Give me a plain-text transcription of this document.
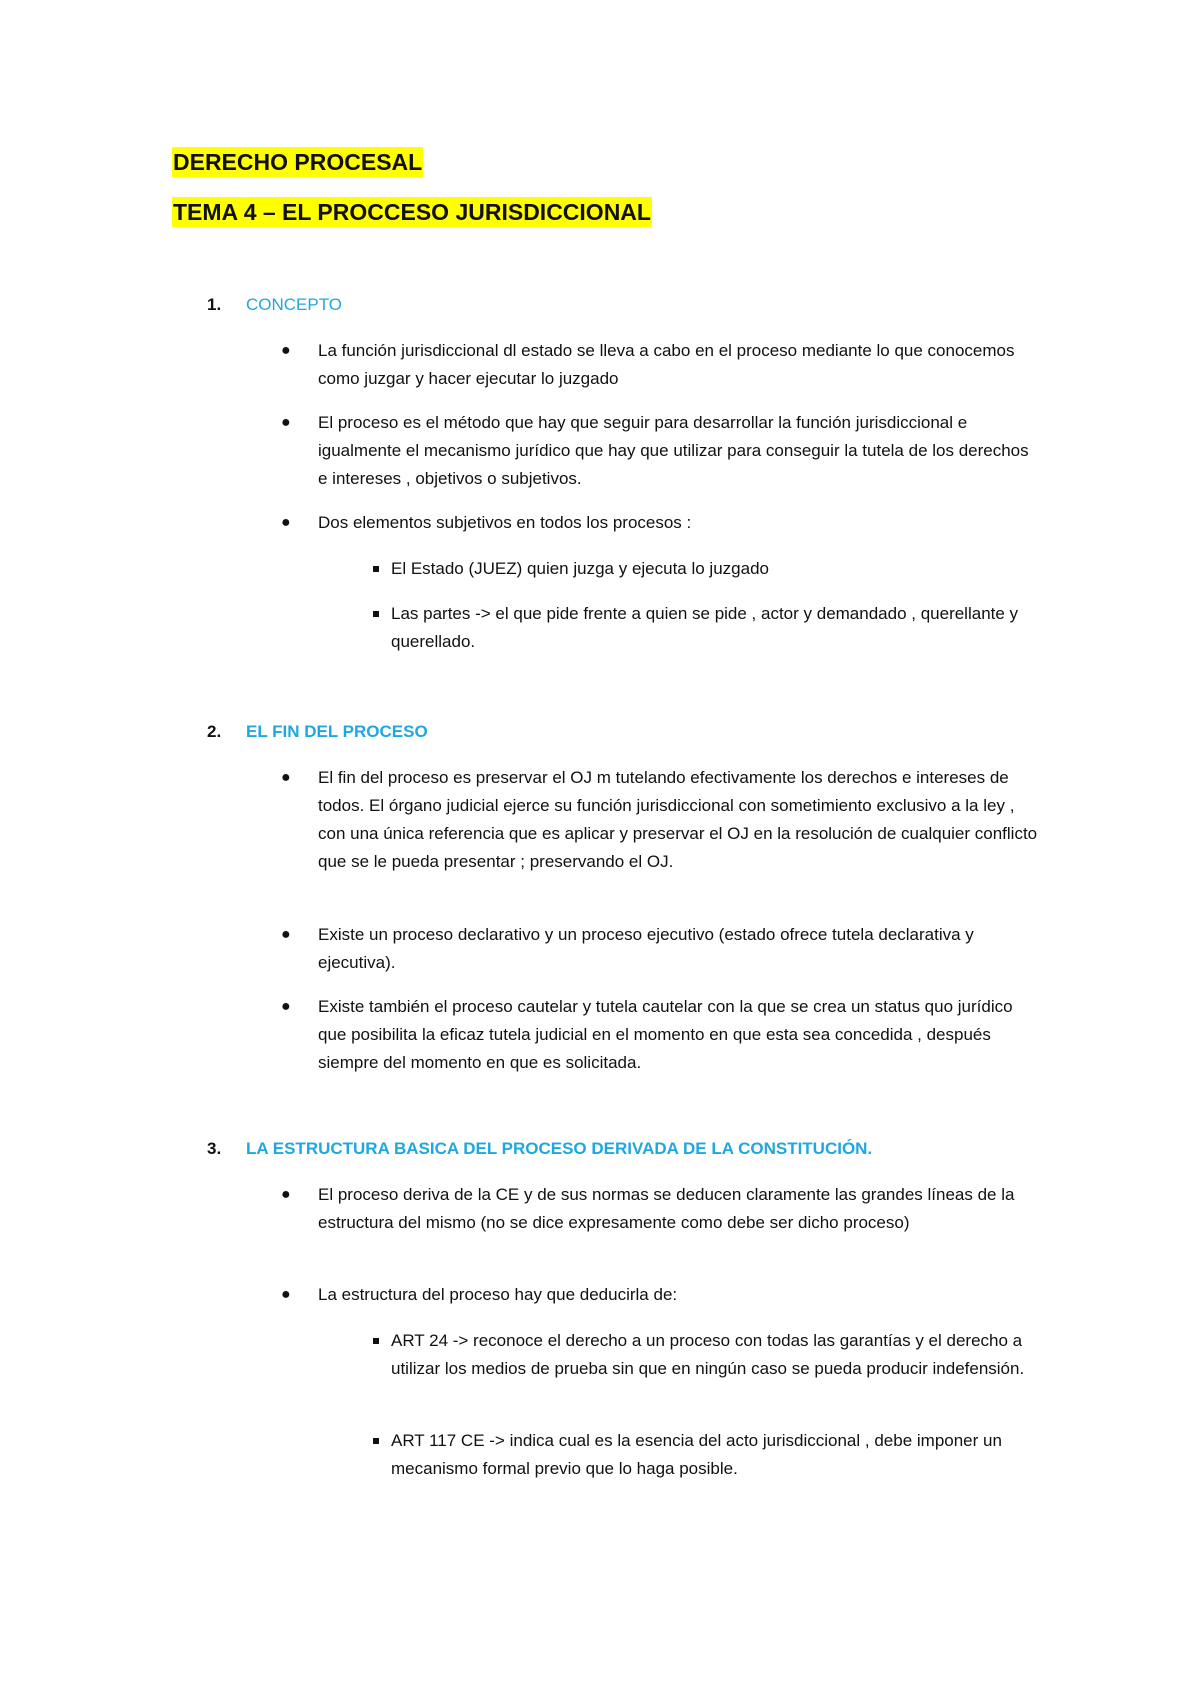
DERECHO PROCESAL
TEMA 4 – EL PROCCESO JURISDICCIONAL
1. CONCEPTO
● La función jurisdiccional dl estado se lleva a cabo en el proceso mediante lo que conocemos como juzgar y hacer ejecutar lo juzgado
● El proceso es el método que hay que seguir para desarrollar la función jurisdiccional e igualmente el mecanismo jurídico que hay que utilizar para conseguir la tutela de los derechos e intereses , objetivos o subjetivos.
● Dos elementos subjetivos en todos los procesos :
El Estado (JUEZ) quien juzga y ejecuta lo juzgado
Las partes -> el que pide frente a quien se pide , actor y demandado , querellante y querellado.
2. EL FIN DEL PROCESO
● El fin del proceso es preservar el OJ m tutelando efectivamente los derechos e intereses de todos. El órgano judicial ejerce su función jurisdiccional con sometimiento exclusivo a la ley , con una única referencia que es aplicar y preservar el OJ en la resolución de cualquier conflicto que se le pueda presentar ; preservando el OJ.
● Existe un proceso declarativo y un proceso ejecutivo (estado ofrece tutela declarativa y ejecutiva).
● Existe también el proceso cautelar y tutela cautelar con la que se crea un status quo jurídico que posibilita la eficaz tutela judicial en el momento en que esta sea concedida , después siempre del momento en que es solicitada.
3. LA ESTRUCTURA BASICA DEL PROCESO DERIVADA DE LA CONSTITUCIÓN.
● El proceso deriva de la CE y de sus normas se deducen claramente las grandes líneas de la estructura del mismo (no se dice expresamente como debe ser dicho proceso)
● La estructura del proceso hay que deducirla de:
ART 24 -> reconoce el derecho a un proceso con todas las garantías y el derecho a utilizar los medios de prueba sin que en ningún caso se pueda producir indefensión.
ART 117 CE -> indica cual es la esencia del acto jurisdiccional , debe imponer un mecanismo formal previo que lo haga posible.
